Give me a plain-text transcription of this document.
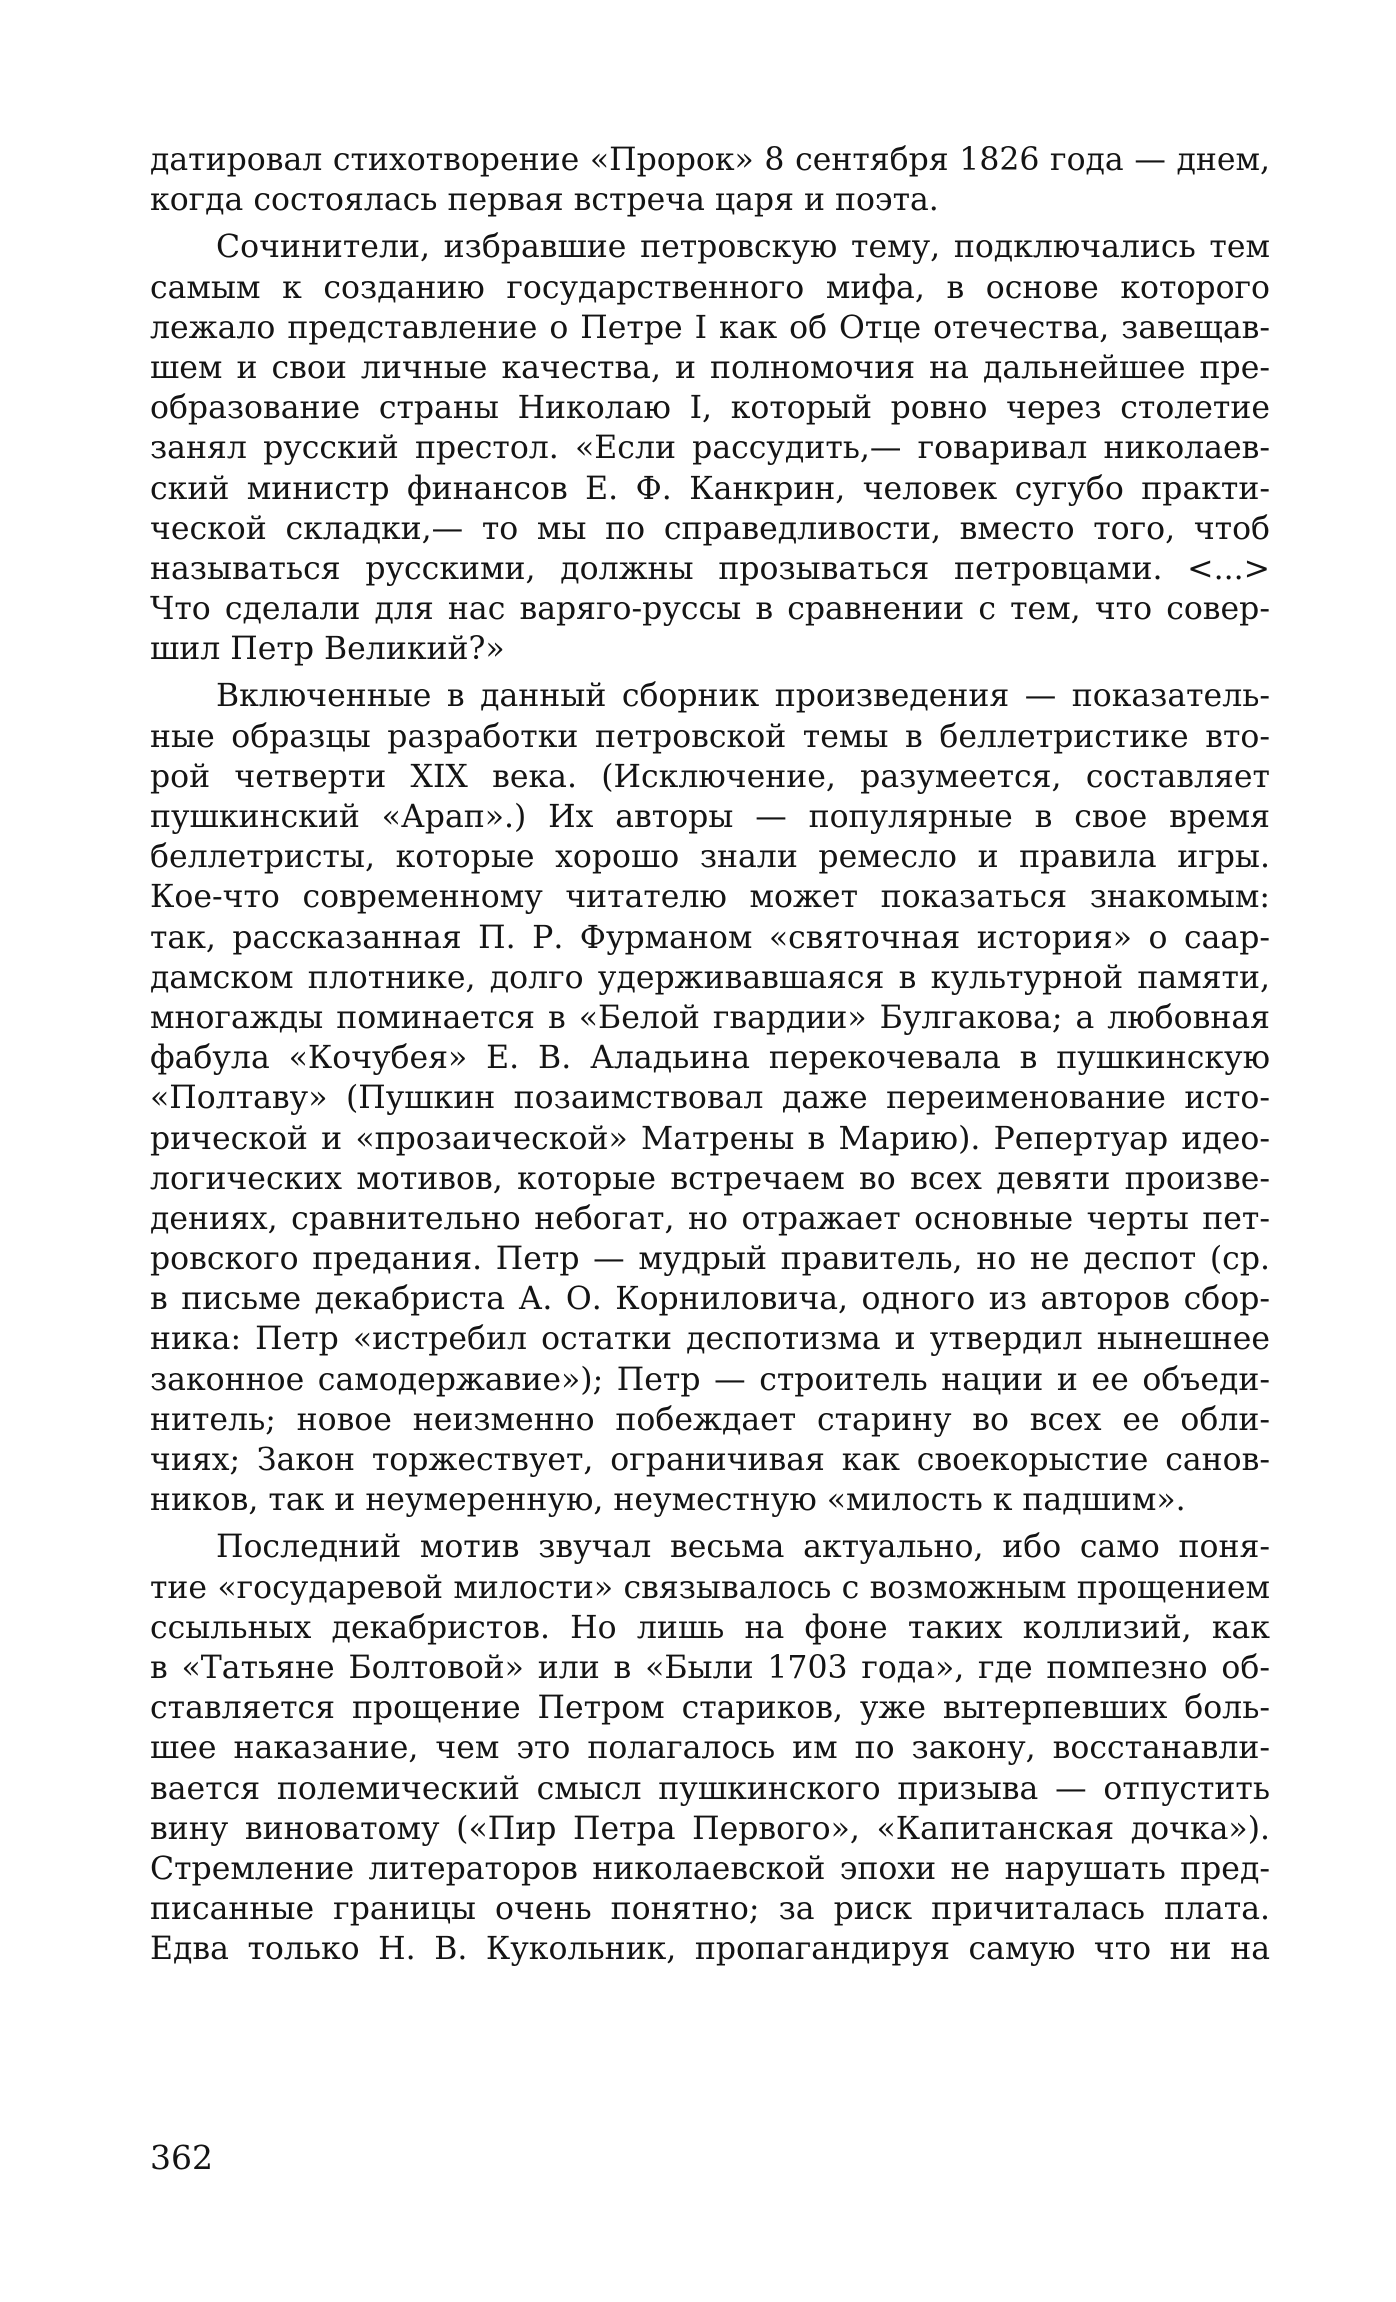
датировал стихотворение «Пророк» 8 сентября 1826 года — днем,
когда состоялась первая встреча царя и поэта.
Сочинители, избравшие петровскую тему, подключались тем
самым к созданию государственного мифа, в основе которого
лежало представление о Петре I как об Отце отечества, завещав-
шем и свои личные качества, и полномочия на дальнейшее пре-
образование страны Николаю I, который ровно через столетие
занял русский престол. «Если рассудить,— говаривал николаев-
ский министр финансов Е. Ф. Канкрин, человек сугубо практи-
ческой складки,— то мы по справедливости, вместо того, чтоб
называться русскими, должны прозываться петровцами. <...>
Что сделали для нас варяго-руссы в сравнении с тем, что совер-
шил Петр Великий?»
Включенные в данный сборник произведения — показатель-
ные образцы разработки петровской темы в беллетристике вто-
рой четверти XIX века. (Исключение, разумеется, составляет
пушкинский «Арап».) Их авторы — популярные в свое время
беллетристы, которые хорошо знали ремесло и правила игры.
Кое-что современному читателю может показаться знакомым:
так, рассказанная П. Р. Фурманом «святочная история» о саар-
дамском плотнике, долго удерживавшаяся в культурной памяти,
многажды поминается в «Белой гвардии» Булгакова; а любовная
фабула «Кочубея» Е. В. Аладьина перекочевала в пушкинскую
«Полтаву» (Пушкин позаимствовал даже переименование исто-
рической и «прозаической» Матрены в Марию). Репертуар идео-
логических мотивов, которые встречаем во всех девяти произве-
дениях, сравнительно небогат, но отражает основные черты пет-
ровского предания. Петр — мудрый правитель, но не деспот (ср.
в письме декабриста А. О. Корниловича, одного из авторов сбор-
ника: Петр «истребил остатки деспотизма и утвердил нынешнее
законное самодержавие»); Петр — строитель нации и ее объеди-
нитель; новое неизменно побеждает старину во всех ее обли-
чиях; Закон торжествует, ограничивая как своекорыстие санов-
ников, так и неумеренную, неуместную «милость к падшим».
Последний мотив звучал весьма актуально, ибо само поня-
тие «государевой милости» связывалось с возможным прощением
ссыльных декабристов. Но лишь на фоне таких коллизий, как
в «Татьяне Болтовой» или в «Были 1703 года», где помпезно об-
ставляется прощение Петром стариков, уже вытерпевших боль-
шее наказание, чем это полагалось им по закону, восстанавли-
вается полемический смысл пушкинского призыва — отпустить
вину виноватому («Пир Петра Первого», «Капитанская дочка»).
Стремление литераторов николаевской эпохи не нарушать пред-
писанные границы очень понятно; за риск причиталась плата.
Едва только Н. В. Кукольник, пропагандируя самую что ни на
362
